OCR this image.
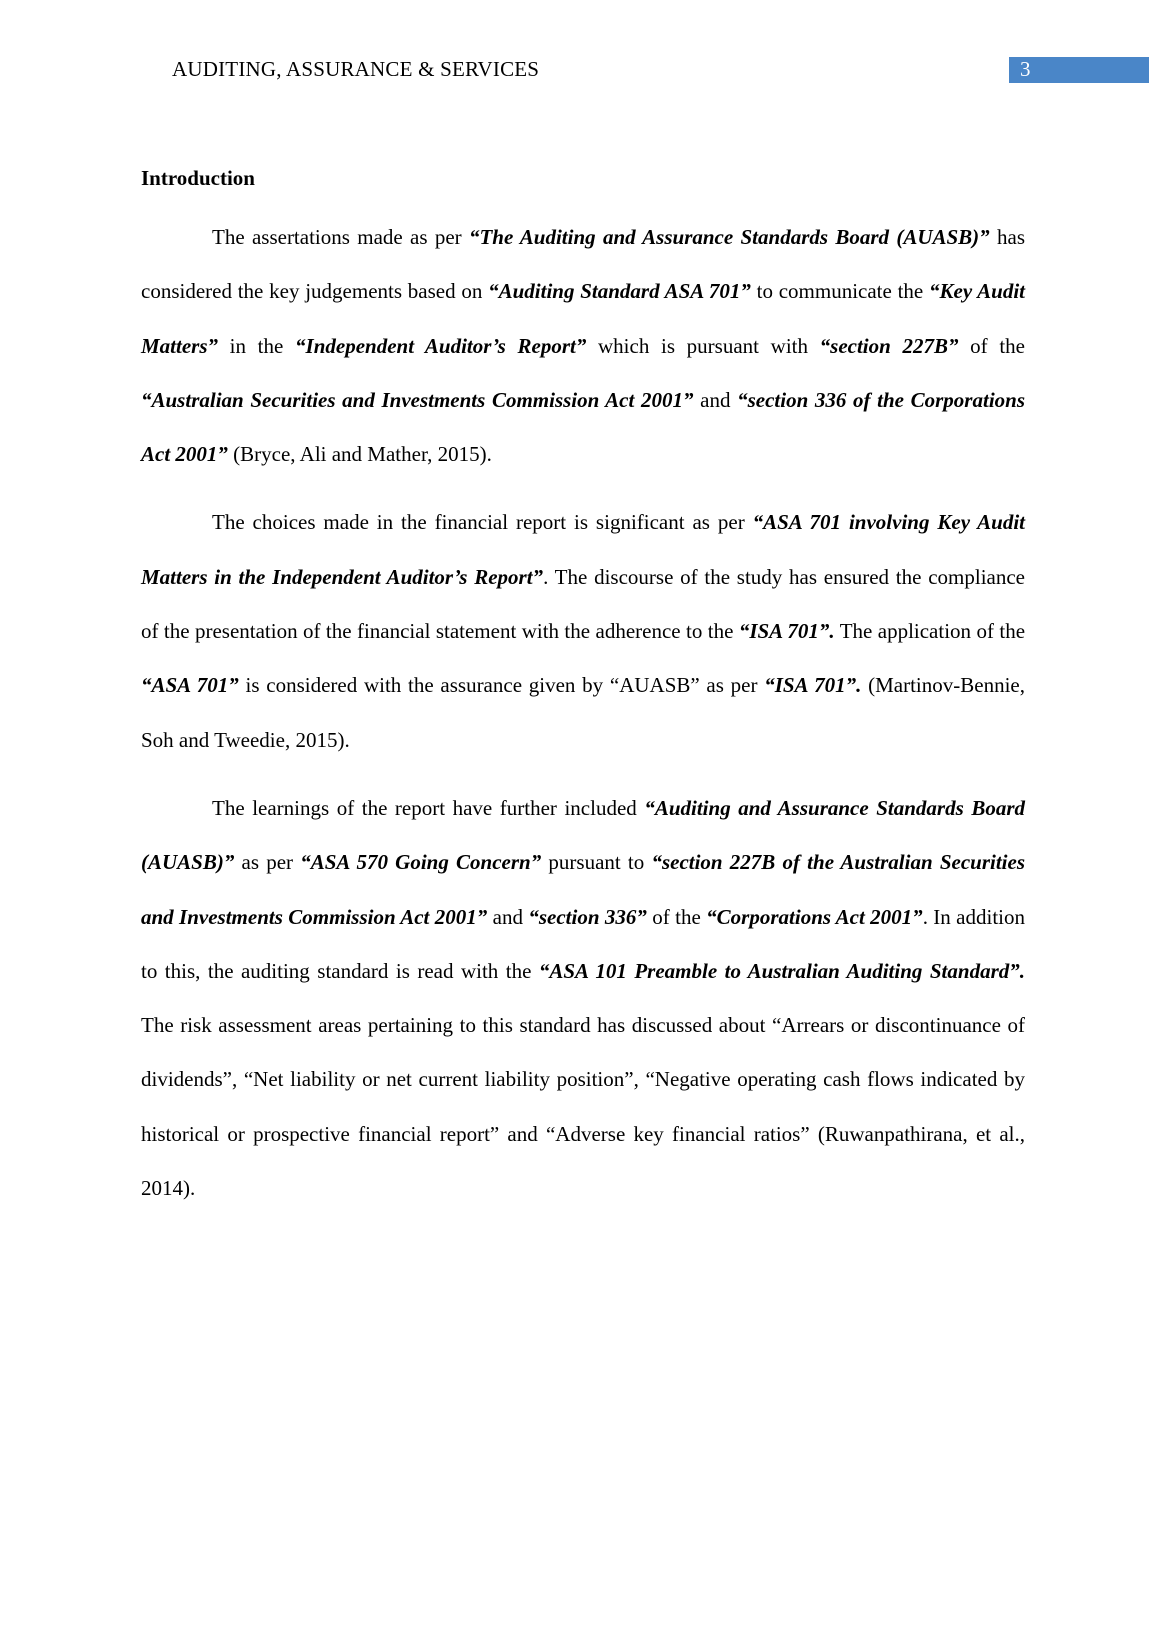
AUDITING, ASSURANCE & SERVICES	3
Introduction

The assertations made as per “The Auditing and Assurance Standards Board (AUASB)” has considered the key judgements based on “Auditing Standard ASA 701” to communicate the “Key Audit Matters” in the “Independent Auditor’s Report” which is pursuant with “section 227B” of the “Australian Securities and Investments Commission Act 2001” and “section 336 of the Corporations Act 2001” (Bryce, Ali and Mather, 2015).

The choices made in the financial report is significant as per “ASA 701 involving Key Audit Matters in the Independent Auditor’s Report”. The discourse of the study has ensured the compliance of the presentation of the financial statement with the adherence to the “ISA 701”. The application of the “ASA 701” is considered with the assurance given by “AUASB” as per “ISA 701”. (Martinov-Bennie, Soh and Tweedie, 2015).

The learnings of the report have further included “Auditing and Assurance Standards Board (AUASB)” as per “ASA 570 Going Concern” pursuant to “section 227B of the Australian Securities and Investments Commission Act 2001” and “section 336” of the “Corporations Act 2001”. In addition to this, the auditing standard is read with the “ASA 101 Preamble to Australian Auditing Standard”. The risk assessment areas pertaining to this standard has discussed about “Arrears or discontinuance of dividends”, “Net liability or net current liability position”, “Negative operating cash flows indicated by historical or prospective financial report” and “Adverse key financial ratios” (Ruwanpathirana, et al., 2014).
